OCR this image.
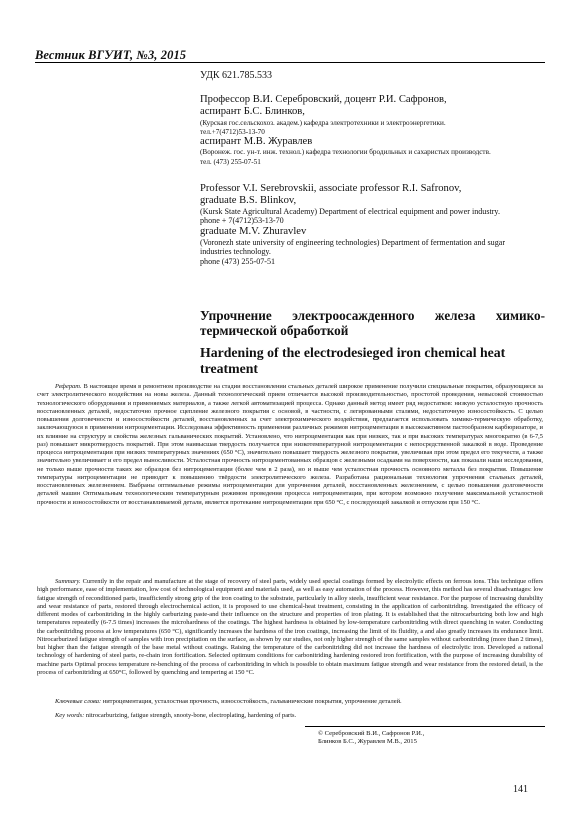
Вестник ВГУИТ, №3, 2015
УДК 621.785.533
Профессор В.И. Серебровский, доцент Р.И. Сафронов,
аспирант Б.С. Блинков,
(Курская гос.сельскохоз. академ.) кафедра электротехники и электроэнергетики.
тел.+7(4712)53-13-70
аспирант М.В. Журавлев
(Воронеж. гос. ун-т. инж. технол.) кафедра технологии бродильных и сахаристых производств.
тел. (473) 255-07-51
Professor V.I. Serebrovskii, associate professor R.I. Safronov,
graduate B.S. Blinkov,
(Kursk State Agricultural Academy) Department of electrical equipment and power industry.
phone + 7(4712)53-13-70
graduate M.V. Zhuravlev
(Voronezh state university of engineering technologies) Department of fermentation and sugar
industries technology.
phone (473) 255-07-51
Упрочнение электроосажденного железа химико-термической обработкой
Hardening of the electrodesieged iron chemical heat treatment

Реферат. В настоящее время в ремонтном производстве на стадии восстановлении стальных деталей широкое применение получили специальные покрытия, образующиеся за счет электролитического воздействия на новы железа. Данный технологический прием отличается высокой производительностью, простотой проведения, невысокой стоимостью технологического оборудования и применяемых материалов, а также легкой автоматизацией процесса. Однако данный метод имеет ряд недостатков: низкую усталостную прочность восстановленных деталей, недостаточно прочное сцепление железного покрытия с основой, в частности, с легированными сталями, недостаточную износостойкость. С целью повышения долговечности и износостойкости деталей, восстановленных за счет электрохимического воздействия, предлагается использовать химико-термическую обработку, заключающуюся в применении нитроцементации. Исследована эффективность применения различных режимов нитроцементации в высокоактивном пастообразном карбюризаторе, и их влияние на структуру и свойства железных гальванических покрытий. Установлено, что нитроцементация как при низких, так и при высоких температурах многократно (в 6-7,5 раз) повышает микротвердость покрытий. При этом наивысшая твердость получается при низкотемпературной нитроцементации с непосредственной закалкой в воде. Проведение процесса нитроцементации при низких температурных значениях (650 °С), значительно повышает твердость железного покрытия, увеличивая при этом предел его текучести, а также значительно увеличивает и его предел выносливости. Усталостная прочность нитроцементованных образцов с железными осадками на поверхности, как показали наши исследования, не только выше прочности таких же образцов без нитроцементации (более чем в 2 раза), но и выше чем усталостная прочность основного металла без покрытия. Повышение температуры нитроцементации не приводит к повышению твёрдости электролитического железа. Разработана рациональная технология упрочнения стальных деталей, восстановленных железнением. Выбраны оптимальные режимы нитроцементации для упрочнения деталей, восстановленных железнением, с целью повышения долговечности деталей машин Оптимальным технологическим температурным режимом проведения процесса нитроцементации, при котором возможно получение максимальной усталостной прочности и износостойкости от восстанавливаемой детали, является протекание нитроцементации при 650 °С, с последующей закалкой и отпуском при 150 °С.

Summary. Currently in the repair and manufacture at the stage of recovery of steel parts, widely used special coatings formed by electrolytic effects on ferrous ions. This technique offers high performance, ease of implementation, low cost of technological equipment and materials used, as well as easy automation of the process. However, this method has several disadvantages: low fatigue strength of reconditioned parts, insufficiently strong grip of the iron coating to the substrate, particularly in alloy steels, insufficient wear resistance. For the purpose of increasing durability and wear resistance of parts, restored through electrochemical action, it is proposed to use chemical-heat treatment, consisting in the application of carbonitriding. Investigated the efficacy of different modes of carbonitriding in the highly carburizing paste-and their influence on the structure and properties of iron plating. It is established that the nitrocarburizing both low and high temperatures repeatedly (6-7.5 times) increases the microhardness of the coatings. The highest hardness is obtained by low-temperature carbonitriding with direct quenching in water. Conducting the carbonitriding process at low temperatures (650 °C), significantly increases the hardness of the iron coatings, increasing the limit of its fluidity, a and also greatly increases its endurance limit. Nitrocarburized fatigue strength of samples with iron precipitation on the surface, as shown by our studies, not only higher strength of the same samples without carbonitriding (more than 2 times), but higher than the fatigue strength of the base metal without coatings. Raising the temperature of the carbonitriding did not increase the hardness of electrolytic iron. Developed a rational technology of hardening of steel parts, re-chain iron fortification. Selected optimum conditions for carbonitriding hardening restored iron fortification, with the purpose of increasing durability of machine parts Optimal process temperature re-benching of the process of carbonitriding in which is possible to obtain maximum fatigue strength and wear resistance from the restored detail, is the process of carbonitriding at 650°C, followed by quenching and tempering at 150 °C.

Ключевые слова: нитроцементация, усталостная прочность, износостойкость, гальванические покрытия, упрочнение деталей.

Key words: nitrocarburizing, fatigue strength, snooty-bone, electroplating, hardening of parts.

© Серебровский В.И., Сафронов Р.И.,
Блинков Б.С., Журавлев М.В., 2015
141
